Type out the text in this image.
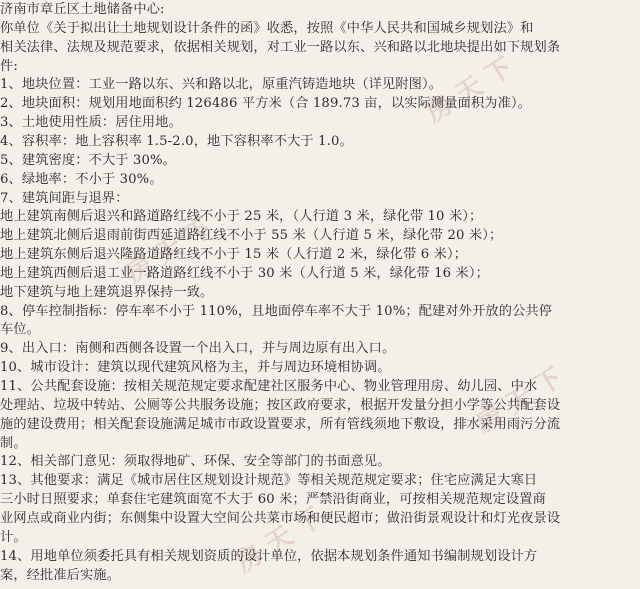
房 天 下
房 天 下
房 天 下
房 天 下
济南市章丘区土地储备中心:
你单位《关于拟出让土地规划设计条件的函》收悉，按照《中华人民共和国城乡规划法》和
相关法律、法规及规范要求，依据相关规划，对工业一路以东、兴和路以北地块提出如下规划条
件:
1、地块位置：工业一路以东、兴和路以北，原重汽铸造地块（详见附图）。
2、地块面积：规划用地面积约 126486 平方米（合 189.73 亩，以实际测量面积为准）。
3、土地使用性质：居住用地。
4、容积率：地上容积率 1.5-2.0，地下容积率不大于 1.0。
5、建筑密度：不大于 30%。
6、绿地率：不小于 30%。
7、建筑间距与退界：
地上建筑南侧后退兴和路道路红线不小于 25 米，（人行道 3 米，绿化带 10 米）；
地上建筑北侧后退雨前街西延道路红线不小于 55 米（人行道 5 米，绿化带 20 米）；
地上建筑东侧后退兴隆路道路红线不小于 15 米（人行道 2 米，绿化带 6 米）；
地上建筑西侧后退工业一路道路红线不小于 30 米（人行道 5 米，绿化带 16 米）；
地下建筑与地上建筑退界保持一致。
8、停车控制指标：停车率不小于 110%，且地面停车率不大于 10%；配建对外开放的公共停
车位。
9、出入口：南侧和西侧各设置一个出入口，并与周边原有出入口。
10、城市设计：建筑以现代建筑风格为主，并与周边环境相协调。
11、公共配套设施：按相关规范规定要求配建社区服务中心、物业管理用房、幼儿园、中水
处理站、垃圾中转站、公厕等公共服务设施；按区政府要求，根据开发量分担小学等公共配套设
施的建设费用；相关配套设施满足城市市政设置要求，所有管线须地下敷设，排水采用雨污分流
制。
12、相关部门意见：须取得地矿、环保、安全等部门的书面意见。
13、其他要求：满足《城市居住区规划设计规范》等相关规范规定要求；住宅应满足大寒日
三小时日照要求；单套住宅建筑面宽不大于 60 米；严禁沿街商业，可按相关规范规定设置商
业网点或商业内街；东侧集中设置大空间公共菜市场和便民超市；做沿街景观设计和灯光夜景设
计。
14、用地单位须委托具有相关规划资质的设计单位，依据本规划条件通知书编制规划设计方
案，经批准后实施。
